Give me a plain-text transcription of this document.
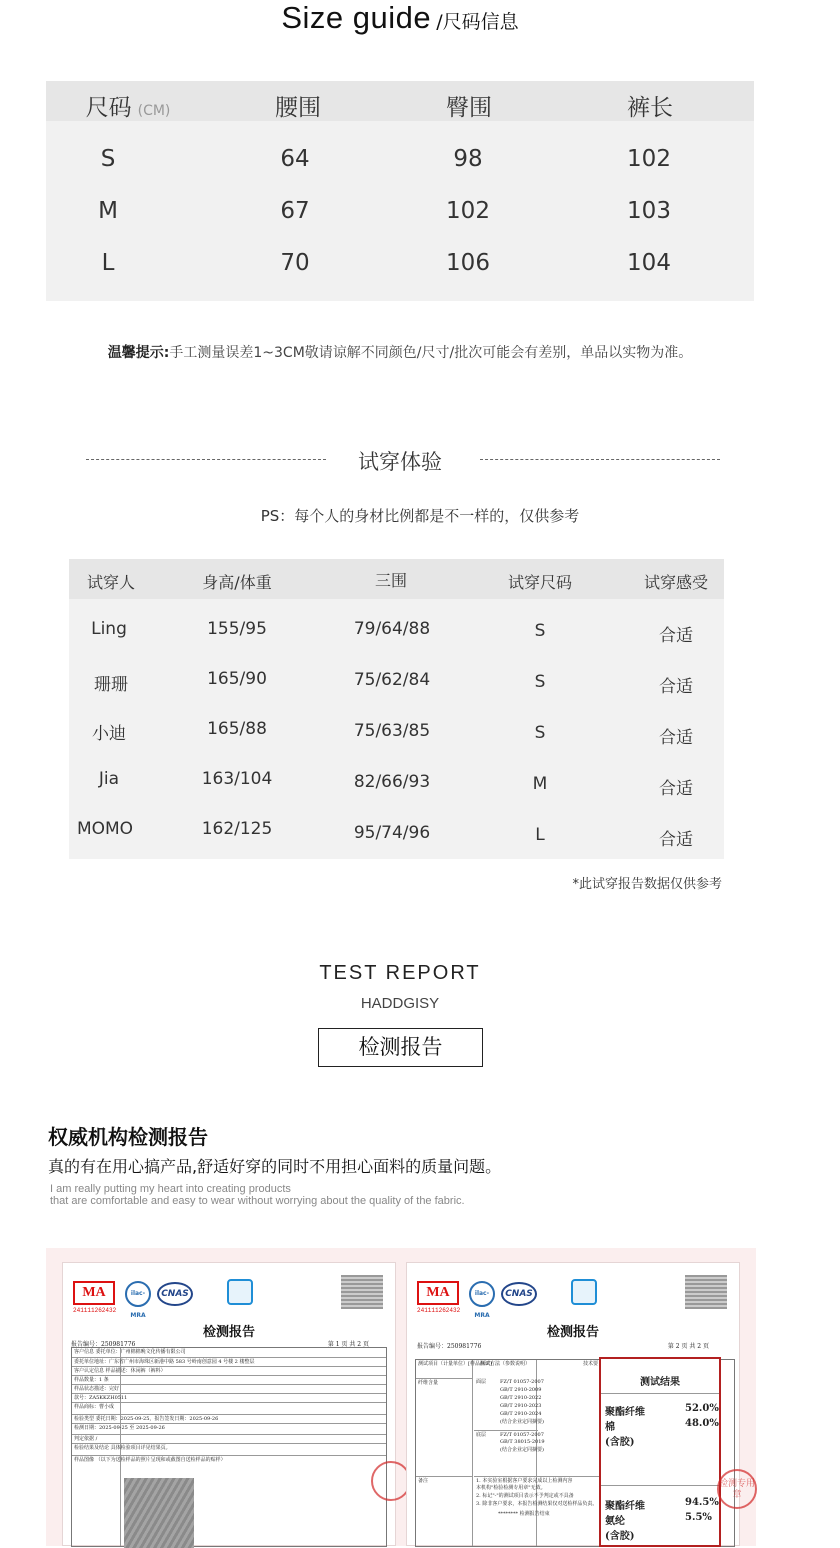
Size guide /尺码信息
尺码 (CM)	腰围	臀围	裤长
S	64	98	102
M	67	102	103
L	70	106	104
温馨提示:手工测量误差1~3CM敬请谅解不同颜色/尺寸/批次可能会有差别，单品以实物为准。
试穿体验
PS：每个人的身材比例都是不一样的，仅供参考
试穿人	身高/体重	三围	试穿尺码	试穿感受
Ling	155/95	79/64/88	S	合适
珊珊	165/90	75/62/84	S	合适
小迪	165/88	75/63/85	S	合适
Jia	163/104	82/66/93	M	合适
MOMO	162/125	95/74/96	L	合适
*此试穿报告数据仅供参考
TEST REPORT
HADDGISY
检测报告
权威机构检测报告
真的有在用心搞产品,舒适好穿的同时不用担心面料的质量问题。
I am really putting my heart into creating products
that are comfortable and easy to wear without worrying about the quality of the fabric.
MA
241111262432
ilac-MRA
CNAS
检测报告
报告编号：250981776	第 1 页 共 2 页
客户信息 委托单位：广州棉棉晚文化传播有限公司
委托单位地址：广东省广州市海珠区新港中路 583 号岭南创意园 4 号楼 2 楼整层
客户认定信息 样品描述：休闲裤（裤料）
样品数量：1 条
样品状态描述：完好
款号：ZA5KKZH0511
样品商标：曹小成
检验类型 委托日期：2025-09-25，报告签发日期：2025-09-26
检测日期：2025-09-25 至 2025-09-26
判定依据 /
检验结果及结论 具体检验项目详见结果页。
样品图像 （以下为送检样品的照片呈现和或截图自送检样品的贴样）
MA
241111262432
ilac-MRA
CNAS
检测报告
报告编号：250981776	第 2 页 共 2 页
测试项目（计量单位）[样品标识]
测试方法（参数说明）	技术要
纤维含量	面层	FZ/T 01057-2007
GB/T 2910-2009
GB/T 2910-2022
GB/T 2910-2023
GB/T 2910-2024
(结合企业定同摘要)
底层	FZ/T 01057-2007
GB/T 38015-2019
(结合企业定同摘要)
备注	1. 本实验室根据客户要求完成以上检测内容
本机构"检验检测专用章"无效。
2. 标记"-"的测试项目表示不予判定或不具备
3. 除非客户要求，本报告检测结果仅对送检样品负责。
******** 检测报告结束
测试结果
聚酯纤维	52.0%
棉	48.0%
(含胶)
聚酯纤维	94.5%
氨纶	5.5%
(含胶)
检测专用章
